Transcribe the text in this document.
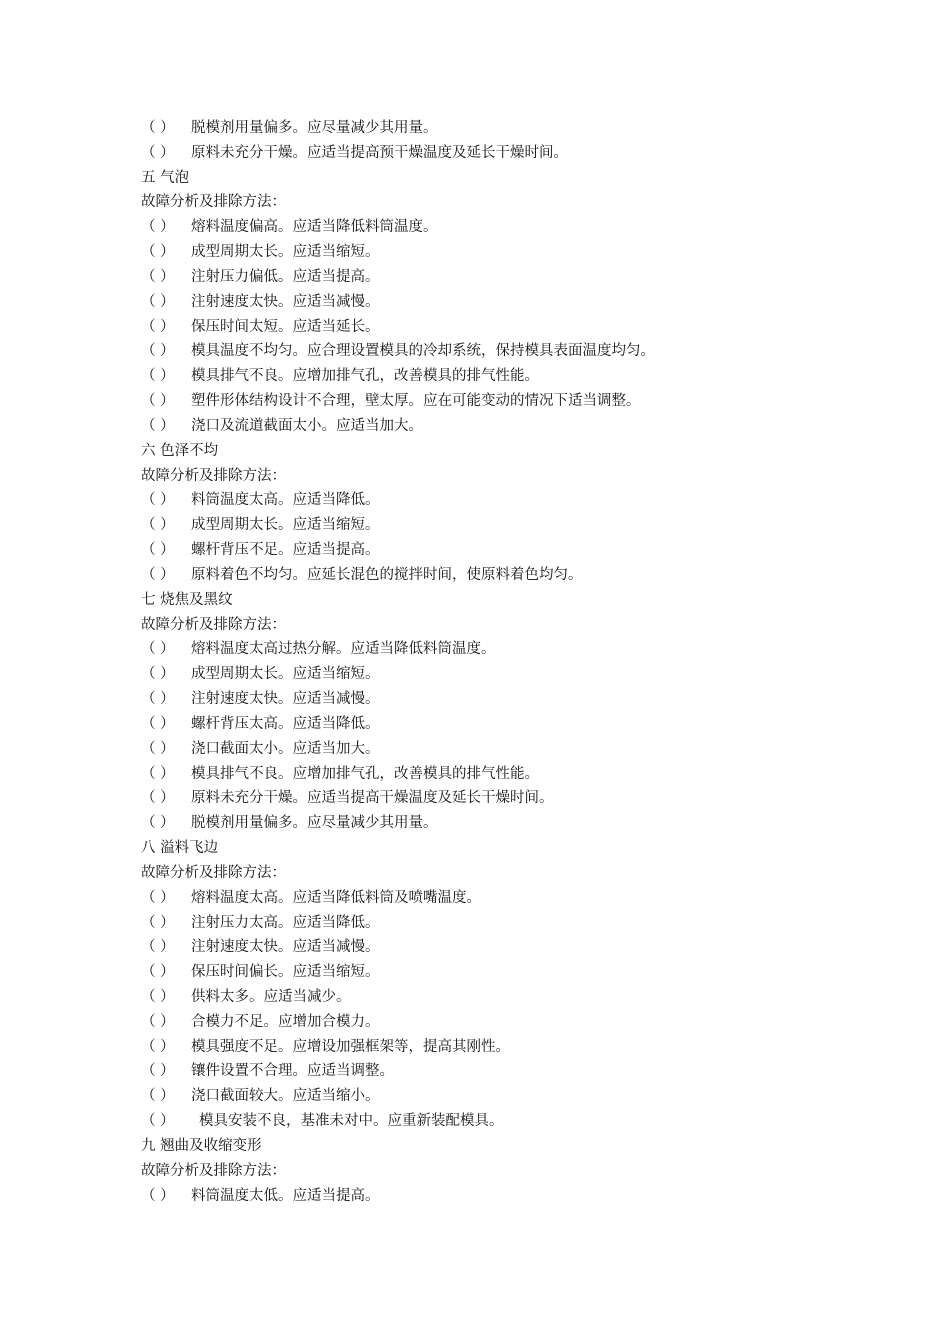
（ ） 脱模剂用量偏多。应尽量减少其用量。
（ ） 原料未充分干燥。应适当提高预干燥温度及延长干燥时间。
五 气泡
故障分析及排除方法：
（ ） 熔料温度偏高。应适当降低料筒温度。
（ ） 成型周期太长。应适当缩短。
（ ） 注射压力偏低。应适当提高。
（ ） 注射速度太快。应适当减慢。
（ ） 保压时间太短。应适当延长。
（ ） 模具温度不均匀。应合理设置模具的冷却系统，保持模具表面温度均匀。
（ ） 模具排气不良。应增加排气孔，改善模具的排气性能。
（ ） 塑件形体结构设计不合理，壁太厚。应在可能变动的情况下适当调整。
（ ） 浇口及流道截面太小。应适当加大。
六 色泽不均
故障分析及排除方法：
（ ） 料筒温度太高。应适当降低。
（ ） 成型周期太长。应适当缩短。
（ ） 螺杆背压不足。应适当提高。
（ ） 原料着色不均匀。应延长混色的搅拌时间，使原料着色均匀。
七 烧焦及黑纹
故障分析及排除方法：
（ ） 熔料温度太高过热分解。应适当降低料筒温度。
（ ） 成型周期太长。应适当缩短。
（ ） 注射速度太快。应适当减慢。
（ ） 螺杆背压太高。应适当降低。
（ ） 浇口截面太小。应适当加大。
（ ） 模具排气不良。应增加排气孔，改善模具的排气性能。
（ ） 原料未充分干燥。应适当提高干燥温度及延长干燥时间。
（ ） 脱模剂用量偏多。应尽量减少其用量。
八 溢料飞边
故障分析及排除方法：
（ ） 熔料温度太高。应适当降低料筒及喷嘴温度。
（ ） 注射压力太高。应适当降低。
（ ） 注射速度太快。应适当减慢。
（ ） 保压时间偏长。应适当缩短。
（ ） 供料太多。应适当减少。
（ ） 合模力不足。应增加合模力。
（ ） 模具强度不足。应增设加强框架等，提高其刚性。
（ ） 镶件设置不合理。应适当调整。
（ ） 浇口截面较大。应适当缩小。
（ ） 模具安装不良，基准未对中。应重新装配模具。
九 翘曲及收缩变形
故障分析及排除方法：
（ ） 料筒温度太低。应适当提高。
